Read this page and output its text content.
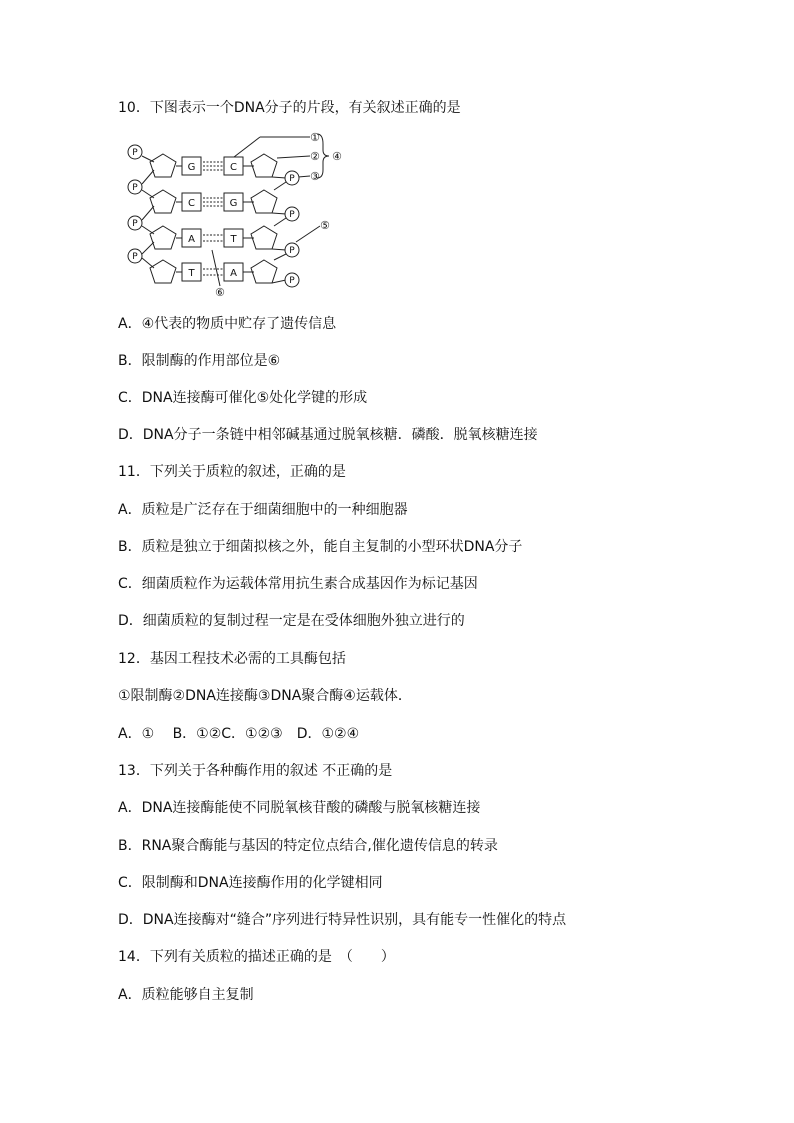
10．下图表示一个DNA分子的片段，有关叙述正确的是
P
P
P
P
P
P
P
P
G
C
A
T
C
G
T
A
①
②
③
④
⑤
⑥
A．④代表的物质中贮存了遗传信息
B．限制酶的作用部位是⑥
C．DNA连接酶可催化⑤处化学键的形成
D．DNA分子一条链中相邻碱基通过脱氧核糖．磷酸．脱氧核糖连接
11．下列关于质粒的叙述，正确的是
A．质粒是广泛存在于细菌细胞中的一种细胞器
B．质粒是独立于细菌拟核之外，能自主复制的小型环状DNA分子
C．细菌质粒作为运载体常用抗生素合成基因作为标记基因
D．细菌质粒的复制过程一定是在受体细胞外独立进行的
12．基因工程技术必需的工具酶包括
①限制酶②DNA连接酶③DNA聚合酶④运载体．
A．①　 B．①②C．①②③　D．①②④
13．下列关于各种酶作用的叙述 不正确的是
A．DNA连接酶能使不同脱氧核苷酸的磷酸与脱氧核糖连接
B．RNA聚合酶能与基因的特定位点结合,催化遗传信息的转录
C．限制酶和DNA连接酶作用的化学键相同
D．DNA连接酶对“缝合”序列进行特异性识别，具有能专一性催化的特点
14．下列有关质粒的描述正确的是　（　　）
A．质粒能够自主复制
